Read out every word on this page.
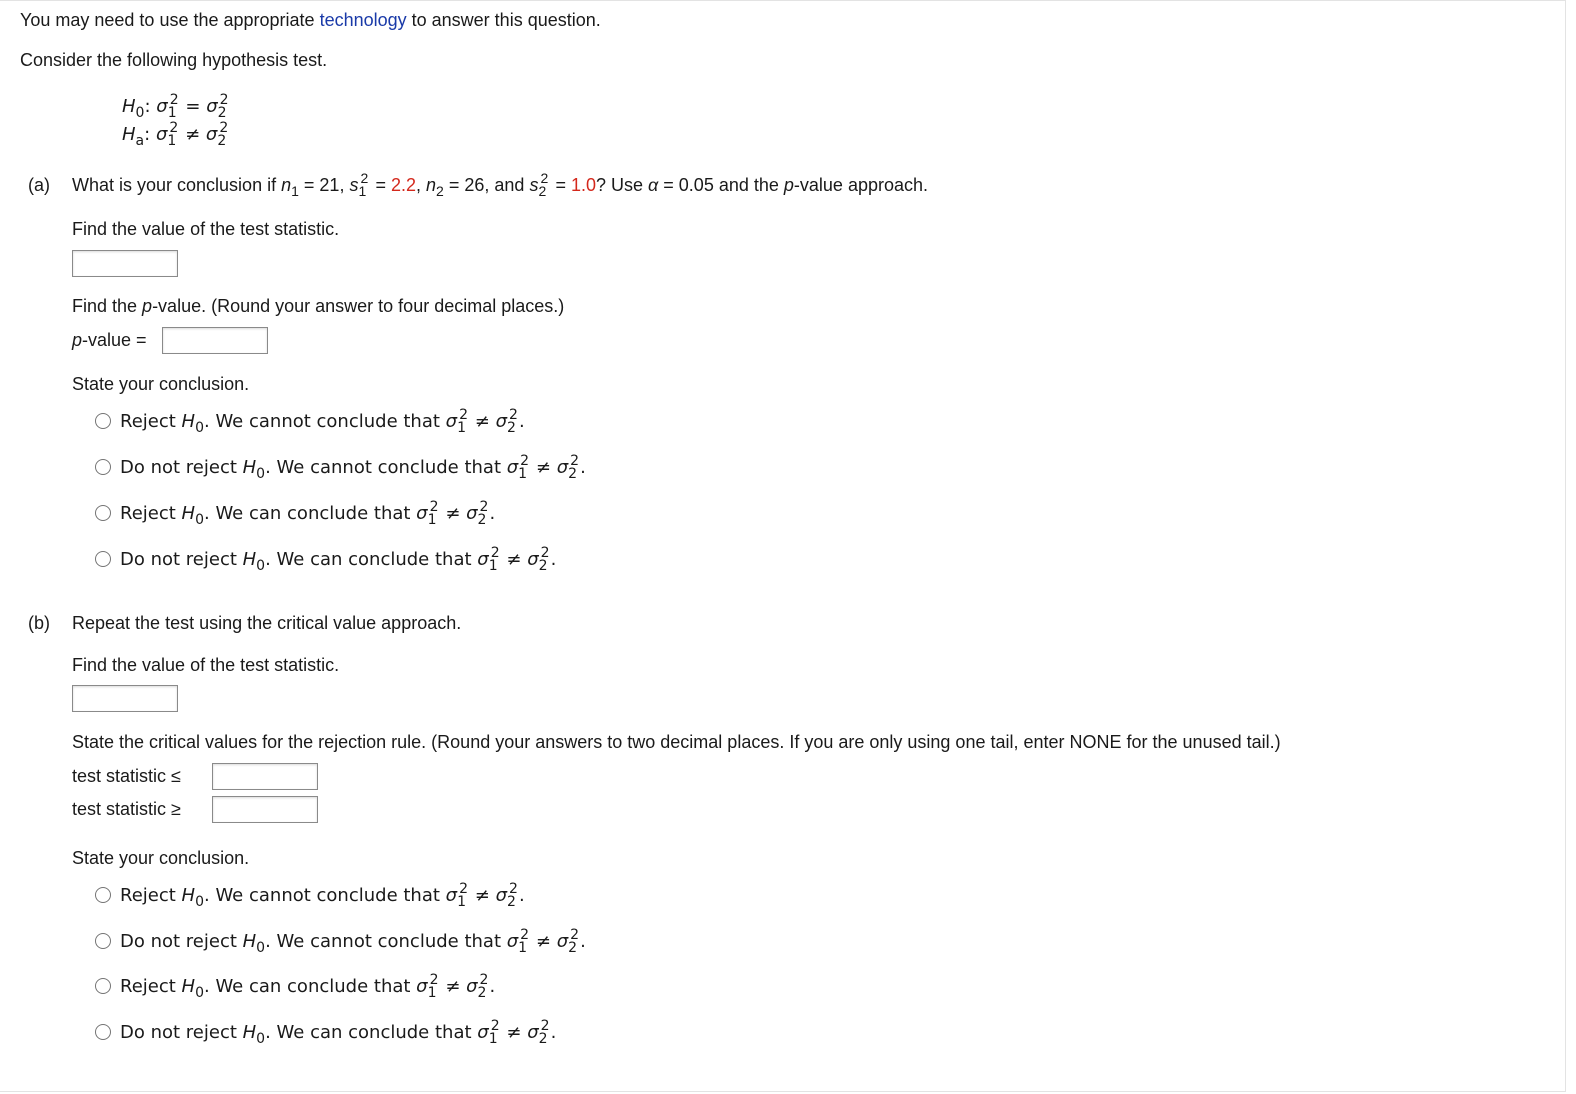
You may need to use the appropriate technology to answer this question.
Consider the following hypothesis test.
$H_0$: σ 2
1 = σ 2
2
$H_a$: σ 2
1 ≠ σ 2
2
(a) What is your conclusion if $n_1 = 21$, s 2
1 = 2.2, $n_2 = 26$, and s 2
2 = 1.0? Use α = 0.05 and the p-value approach.
Find the value of the test statistic.
Find the p-value. (Round your answer to four decimal places.)
p-value =
State your conclusion.
Reject $H_0$. We cannot conclude that σ 2
1 ≠ σ 2
2 .
Do not reject $H_0$. We cannot conclude that σ 2
1 ≠ σ 2
2 .
Reject $H_0$. We can conclude that σ 2
1 ≠ σ 2
2 .
Do not reject $H_0$. We can conclude that σ 2
1 ≠ σ 2
2 .
(b) Repeat the test using the critical value approach.
Find the value of the test statistic.
State the critical values for the rejection rule. (Round your answers to two decimal places. If you are only using one tail, enter NONE for the unused tail.)
test statistic ≤
test statistic ≥
State your conclusion.
Reject $H_0$. We cannot conclude that σ 2
1 ≠ σ 2
2 .
Do not reject $H_0$. We cannot conclude that σ 2
1 ≠ σ 2
2 .
Reject $H_0$. We can conclude that σ 2
1 ≠ σ 2
2 .
Do not reject $H_0$. We can conclude that σ 2
1 ≠ σ 2
2 .
